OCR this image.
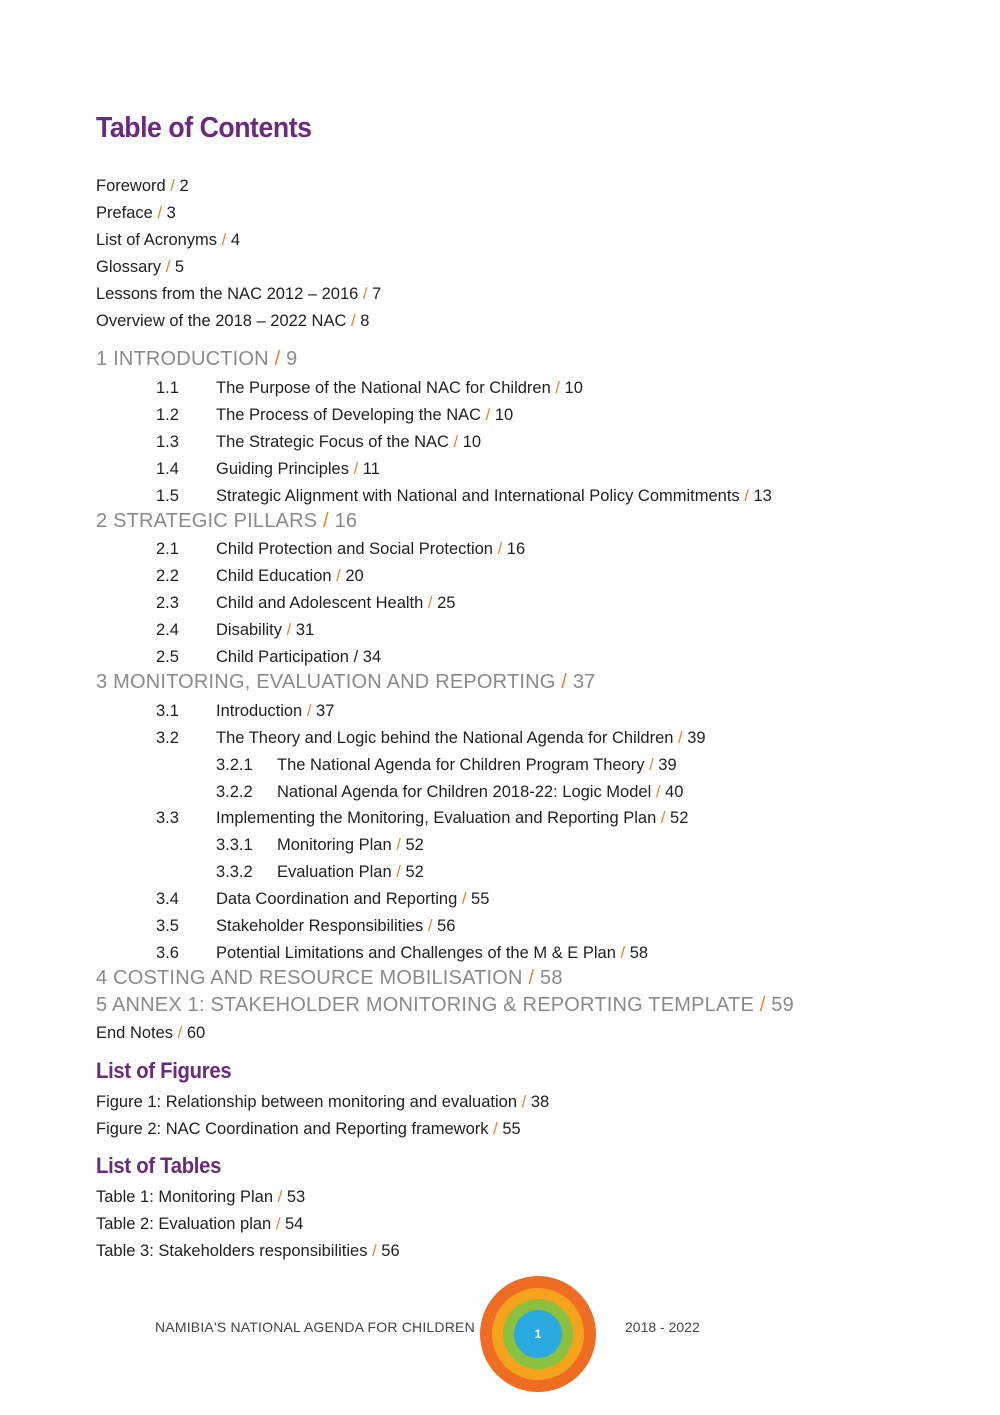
Table of Contents
Foreword / 2
Preface / 3
List of Acronyms / 4
Glossary / 5
Lessons from the NAC 2012 – 2016 / 7
Overview of the 2018 – 2022 NAC / 8
1 INTRODUCTION / 9
1.1 The Purpose of the National NAC for Children / 10
1.2 The Process of Developing the NAC / 10
1.3 The Strategic Focus of the NAC / 10
1.4 Guiding Principles / 11
1.5 Strategic Alignment with National and International Policy Commitments / 13
2 STRATEGIC PILLARS / 16
2.1 Child Protection and Social Protection / 16
2.2 Child Education / 20
2.3 Child and Adolescent Health / 25
2.4 Disability / 31
2.5 Child Participation / 34
3 MONITORING, EVALUATION AND REPORTING / 37
3.1 Introduction / 37
3.2 The Theory and Logic behind the National Agenda for Children / 39
3.2.1 The National Agenda for Children Program Theory / 39
3.2.2 National Agenda for Children 2018-22: Logic Model / 40
3.3 Implementing the Monitoring, Evaluation and Reporting Plan / 52
3.3.1 Monitoring Plan / 52
3.3.2 Evaluation Plan / 52
3.4 Data Coordination and Reporting / 55
3.5 Stakeholder Responsibilities / 56
3.6 Potential Limitations and Challenges of the M & E Plan / 58
4 COSTING AND RESOURCE MOBILISATION / 58
5 ANNEX 1: STAKEHOLDER MONITORING & REPORTING TEMPLATE / 59
End Notes / 60
List of Figures
Figure 1: Relationship between monitoring and evaluation / 38
Figure 2: NAC Coordination and Reporting framework / 55
List of Tables
Table 1: Monitoring Plan / 53
Table 2: Evaluation plan / 54
Table 3: Stakeholders responsibilities / 56
NAMIBIA'S NATIONAL AGENDA FOR CHILDREN	1	2018 - 2022
